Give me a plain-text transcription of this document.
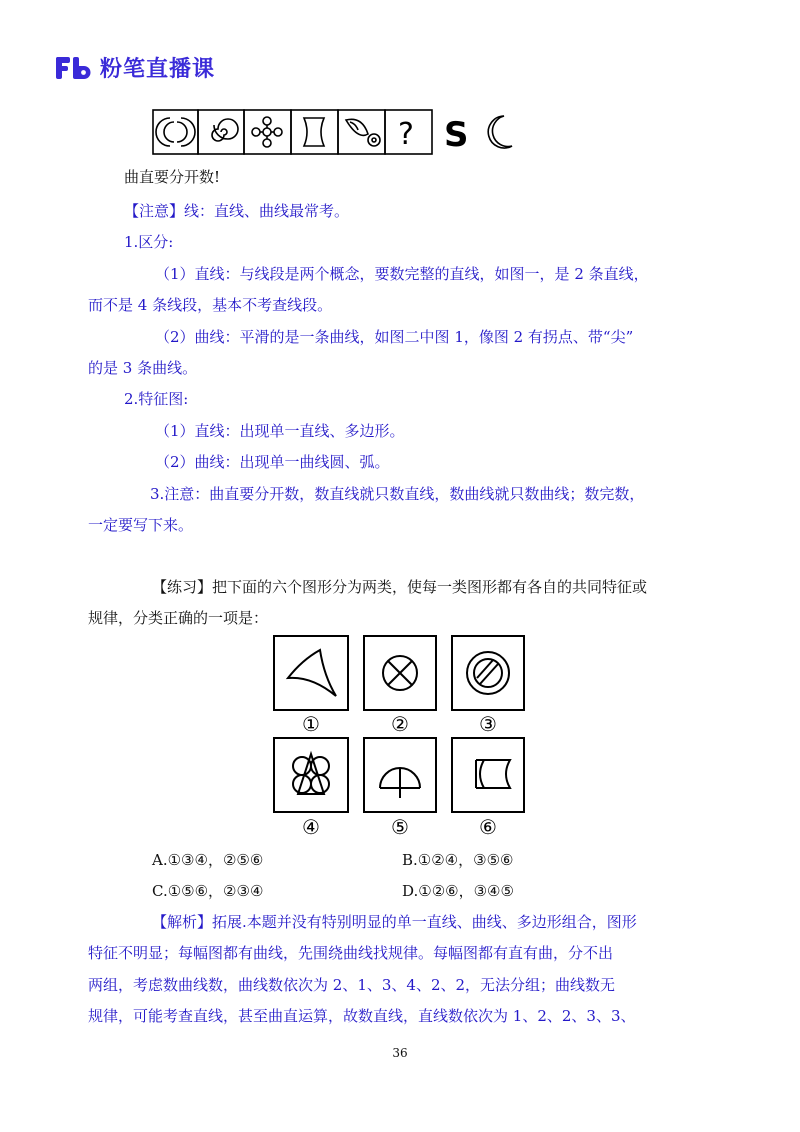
粉笔直播课
? S
曲直要分开数!
【注意】线：直线、曲线最常考。
1.区分:
（1）直线：与线段是两个概念，要数完整的直线，如图一，是 2 条直线，
而不是 4 条线段，基本不考查线段。
（2）曲线：平滑的是一条曲线，如图二中图 1，像图 2 有拐点、带“尖”
的是 3 条曲线。
2.特征图:
（1）直线：出现单一直线、多边形。
（2）曲线：出现单一曲线圆、弧。
3.注意：曲直要分开数，数直线就只数直线，数曲线就只数曲线；数完数，
一定要写下来。
【练习】把下面的六个图形分为两类，使每一类图形都有各自的共同特征或
规律，分类正确的一项是：
①	②	③
④	⑤	⑥
A.①③④，②⑤⑥	B.①②④，③⑤⑥
C.①⑤⑥，②③④	D.①②⑥，③④⑤
【解析】拓展.本题并没有特别明显的单一直线、曲线、多边形组合，图形
特征不明显；每幅图都有曲线，先围绕曲线找规律。每幅图都有直有曲，分不出
两组，考虑数曲线数，曲线数依次为 2、1、3、4、2、2，无法分组；曲线数无
规律，可能考查直线，甚至曲直运算，故数直线，直线数依次为 1、2、2、3、3、
36
